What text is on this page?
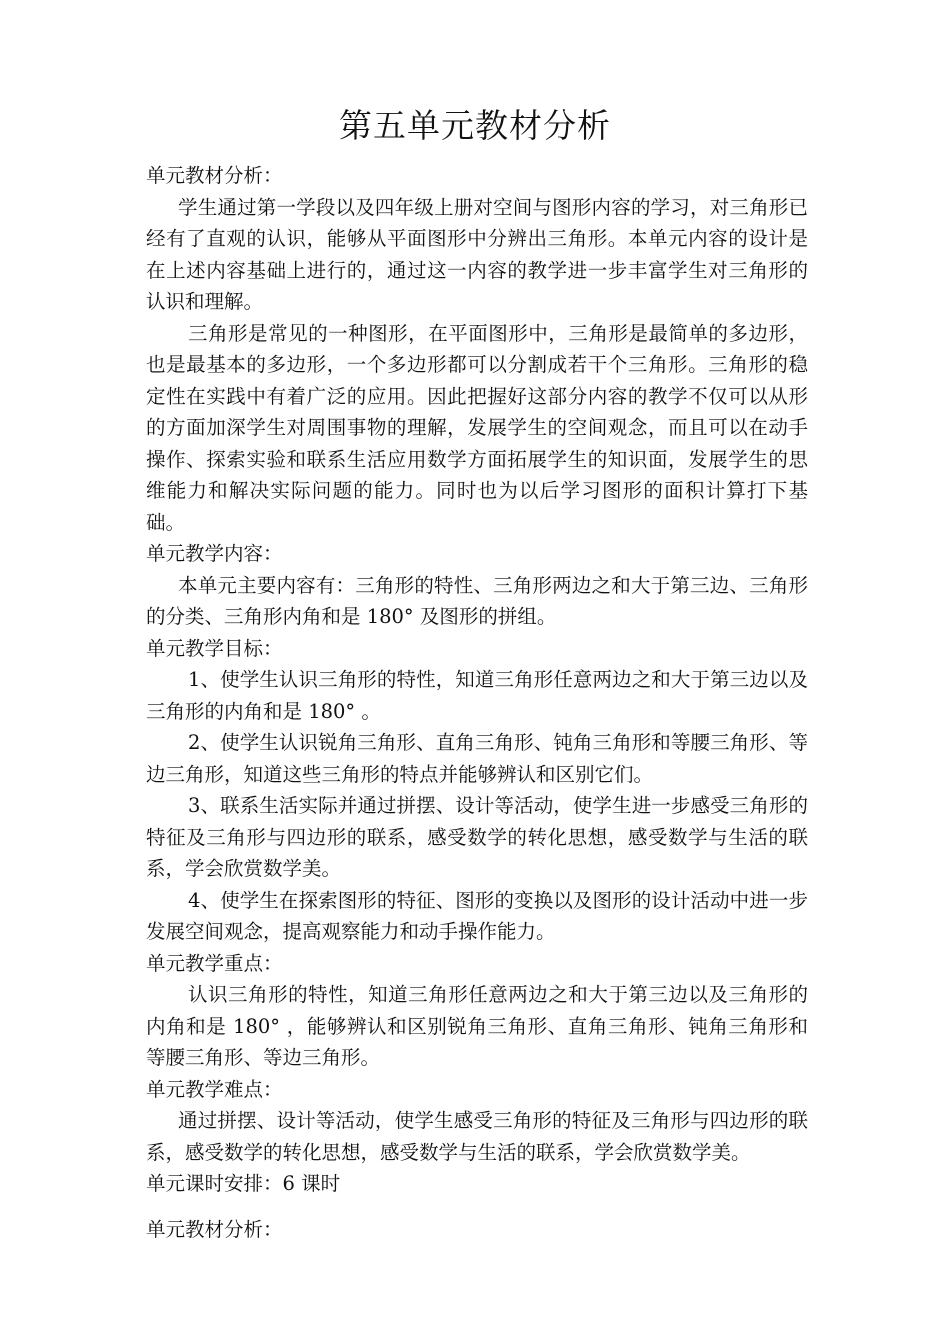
第五单元教材分析

单元教材分析：

学生通过第一学段以及四年级上册对空间与图形内容的学习，对三角形已经有了直观的认识，能够从平面图形中分辨出三角形。本单元内容的设计是在上述内容基础上进行的，通过这一内容的教学进一步丰富学生对三角形的认识和理解。

三角形是常见的一种图形，在平面图形中，三角形是最简单的多边形，也是最基本的多边形，一个多边形都可以分割成若干个三角形。三角形的稳定性在实践中有着广泛的应用。因此把握好这部分内容的教学不仅可以从形的方面加深学生对周围事物的理解，发展学生的空间观念，而且可以在动手操作、探索实验和联系生活应用数学方面拓展学生的知识面，发展学生的思维能力和解决实际问题的能力。同时也为以后学习图形的面积计算打下基础。

单元教学内容：

本单元主要内容有：三角形的特性、三角形两边之和大于第三边、三角形的分类、三角形内角和是 180° 及图形的拼组。

单元教学目标：

1、使学生认识三角形的特性，知道三角形任意两边之和大于第三边以及三角形的内角和是 180° 。

2、使学生认识锐角三角形、直角三角形、钝角三角形和等腰三角形、等边三角形，知道这些三角形的特点并能够辨认和区别它们。

3、联系生活实际并通过拼摆、设计等活动，使学生进一步感受三角形的特征及三角形与四边形的联系，感受数学的转化思想，感受数学与生活的联系，学会欣赏数学美。

4、使学生在探索图形的特征、图形的变换以及图形的设计活动中进一步发展空间观念，提高观察能力和动手操作能力。

单元教学重点：

认识三角形的特性，知道三角形任意两边之和大于第三边以及三角形的内角和是 180° ，能够辨认和区别锐角三角形、直角三角形、钝角三角形和等腰三角形、等边三角形。

单元教学难点：

通过拼摆、设计等活动，使学生感受三角形的特征及三角形与四边形的联系，感受数学的转化思想，感受数学与生活的联系，学会欣赏数学美。

单元课时安排：6 课时

单元教材分析：
